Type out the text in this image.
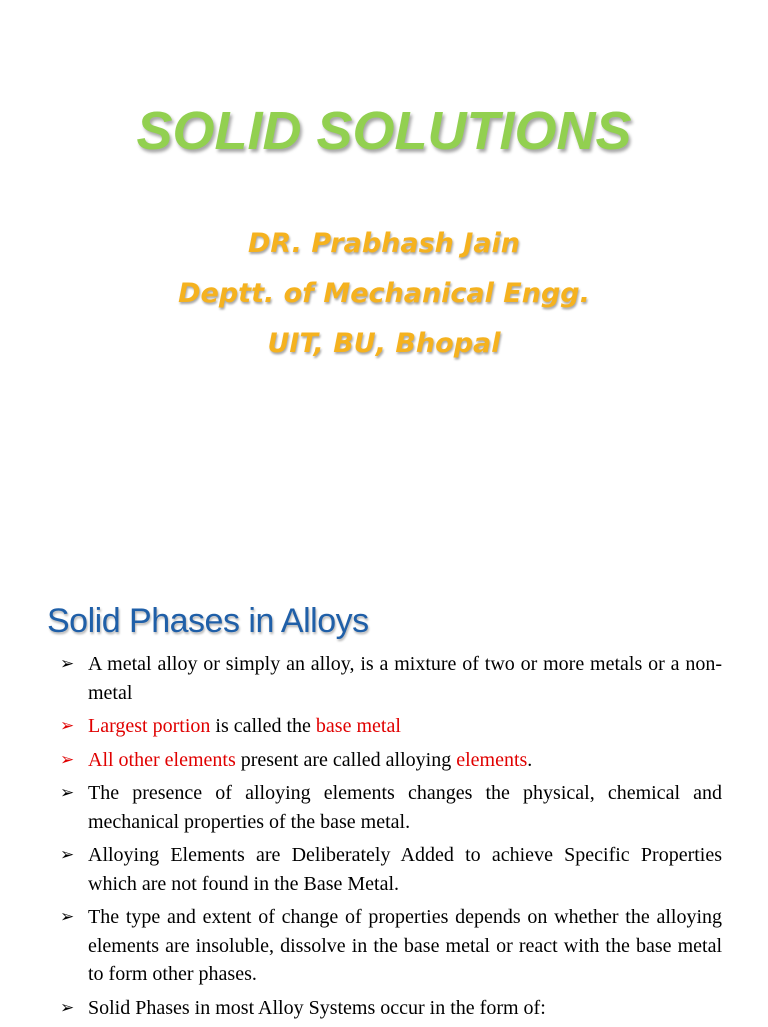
SOLID SOLUTIONS
DR. Prabhash Jain
Deptt. of Mechanical Engg.
UIT, BU, Bhopal
Solid Phases in Alloys
➢ A metal alloy or simply an alloy, is a mixture of two or more metals or a non-metal
➢ Largest portion is called the base metal
➢ All other elements present are called alloying elements.
➢ The presence of alloying elements changes the physical, chemical and mechanical properties of the base metal.
➢ Alloying Elements are Deliberately Added to achieve Specific Properties which are not found in the Base Metal.
➢ The type and extent of change of properties depends on whether the alloying elements are insoluble, dissolve in the base metal or react with the base metal to form other phases.
➢ Solid Phases in most Alloy Systems occur in the form of:
